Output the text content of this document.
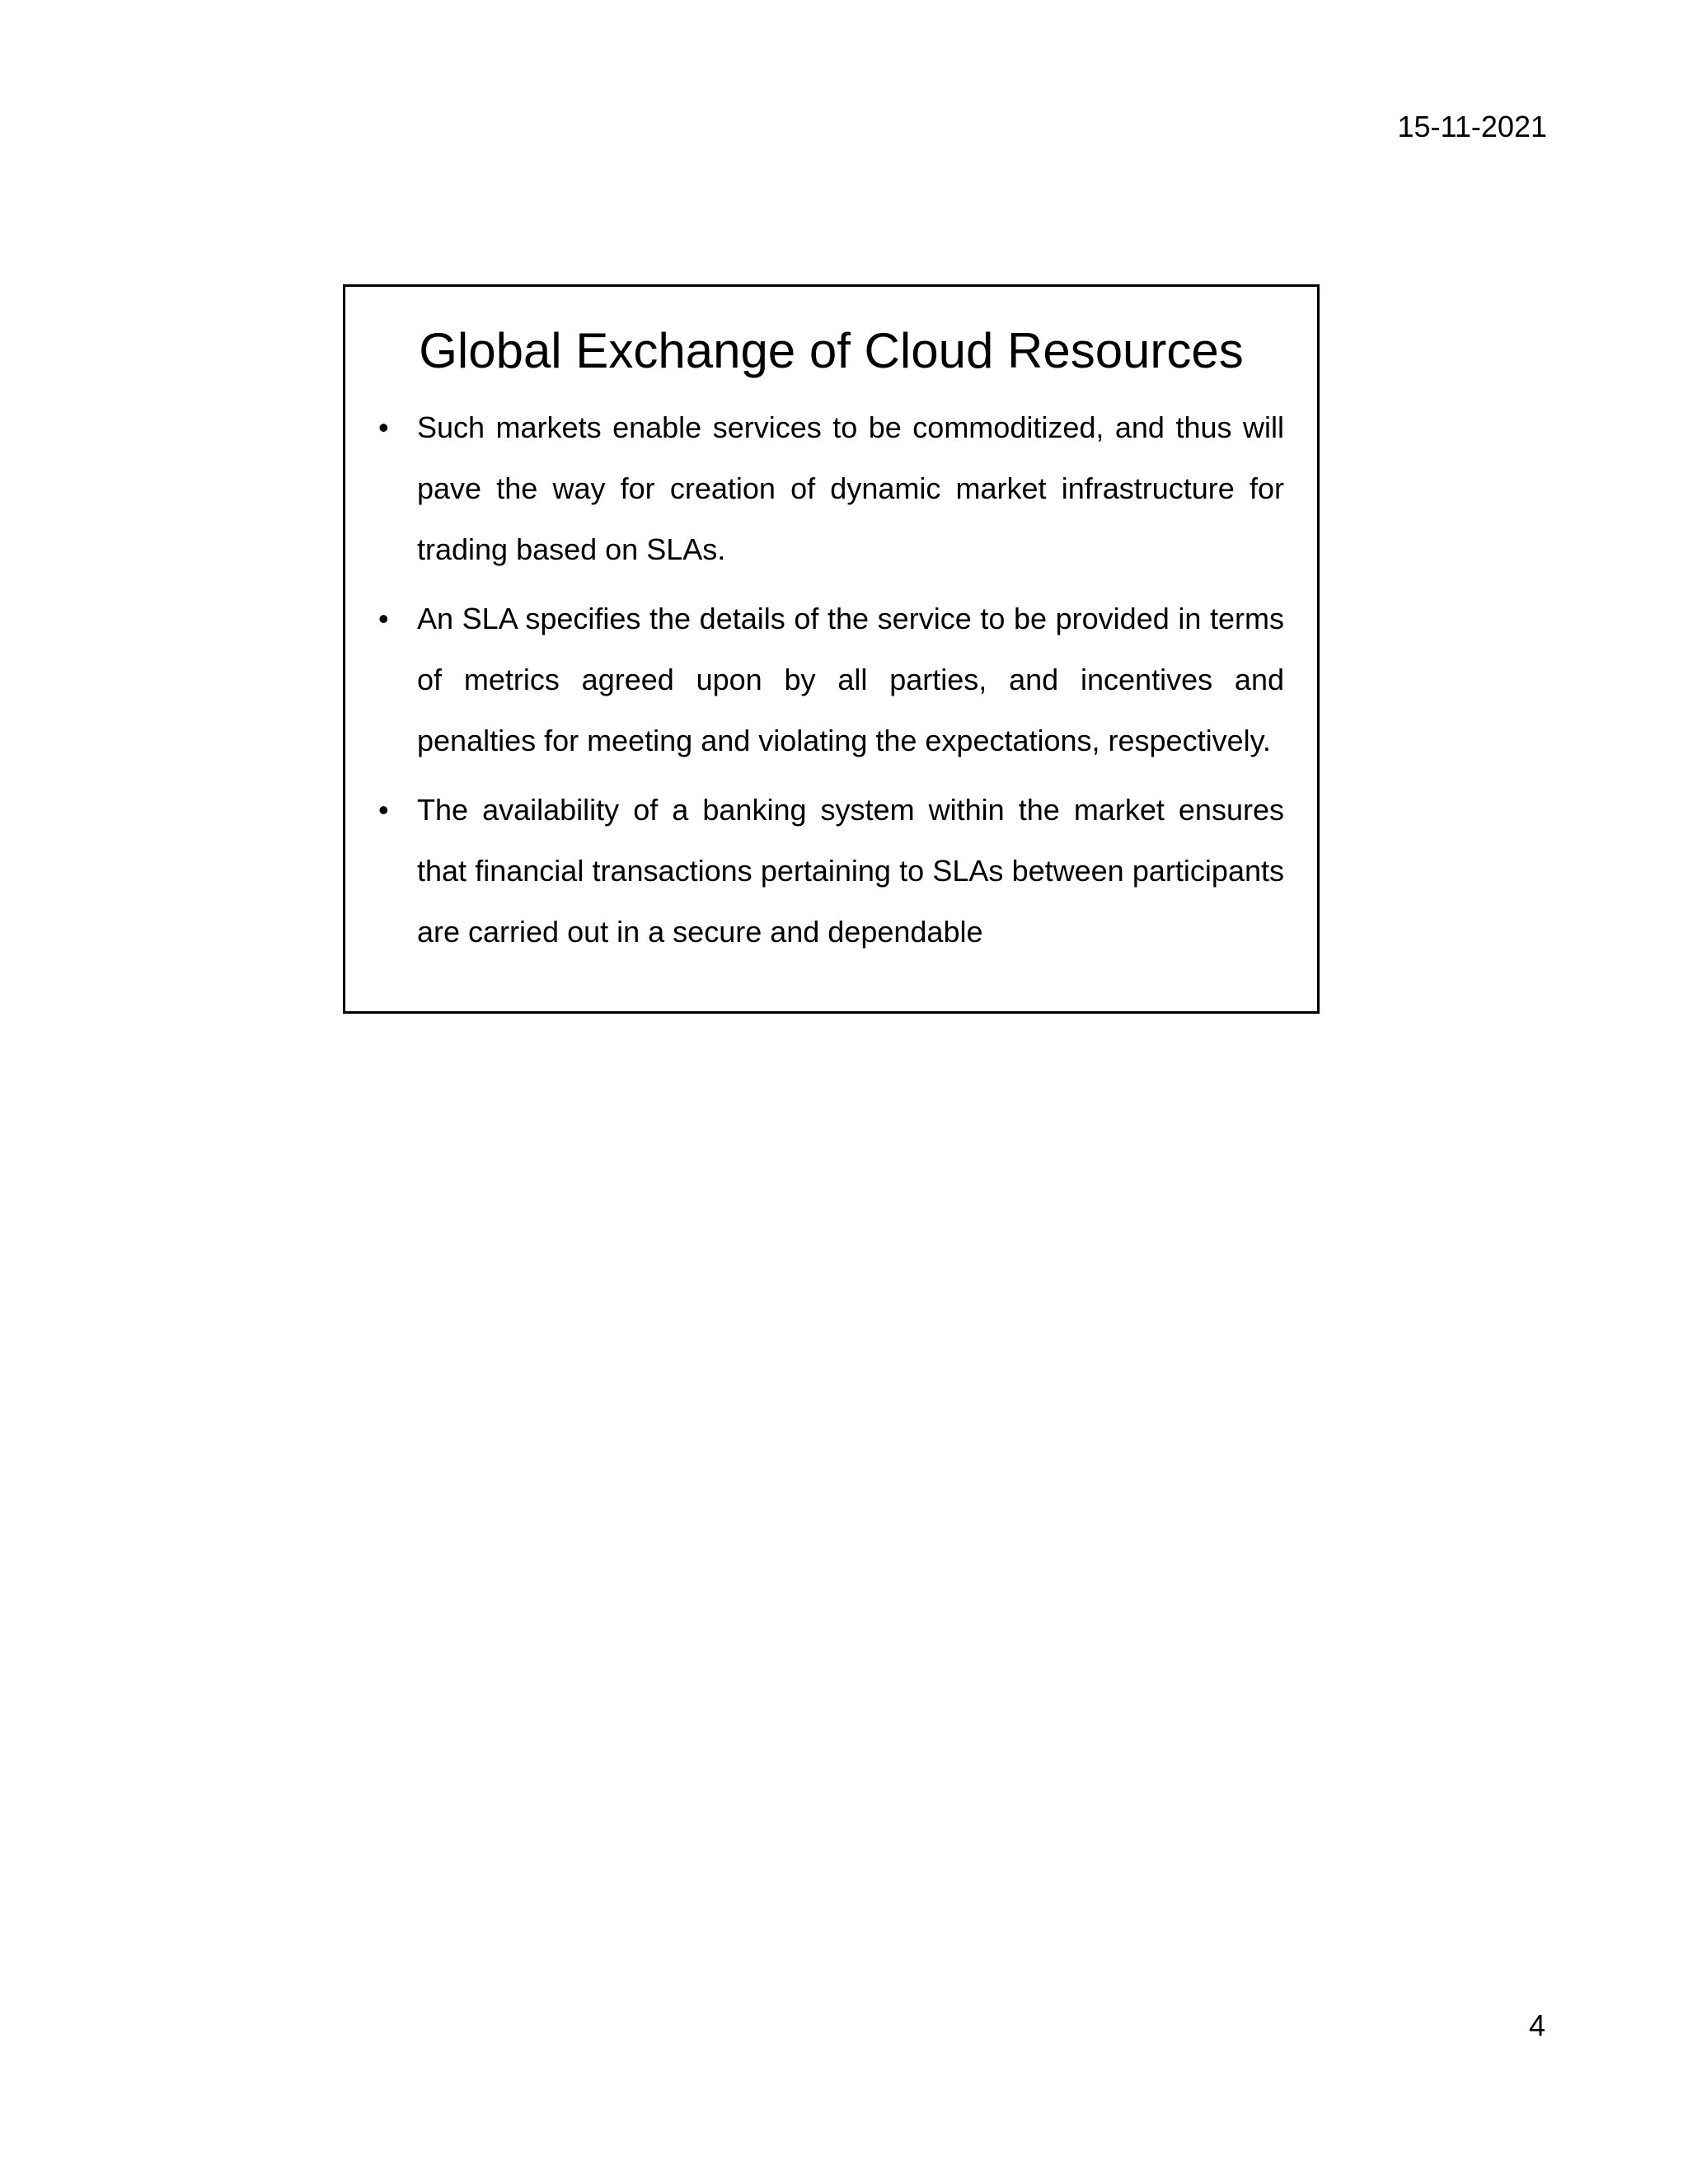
15-11-2021
Global Exchange of Cloud Resources
• Such markets enable services to be commoditized, and thus will pave the way for creation of dynamic market infrastructure for trading based on SLAs.
• An SLA specifies the details of the service to be provided in terms of metrics agreed upon by all parties, and incentives and penalties for meeting and violating the expectations, respectively.
• The availability of a banking system within the market ensures that financial transactions pertaining to SLAs between participants are carried out in a secure and dependable
4
